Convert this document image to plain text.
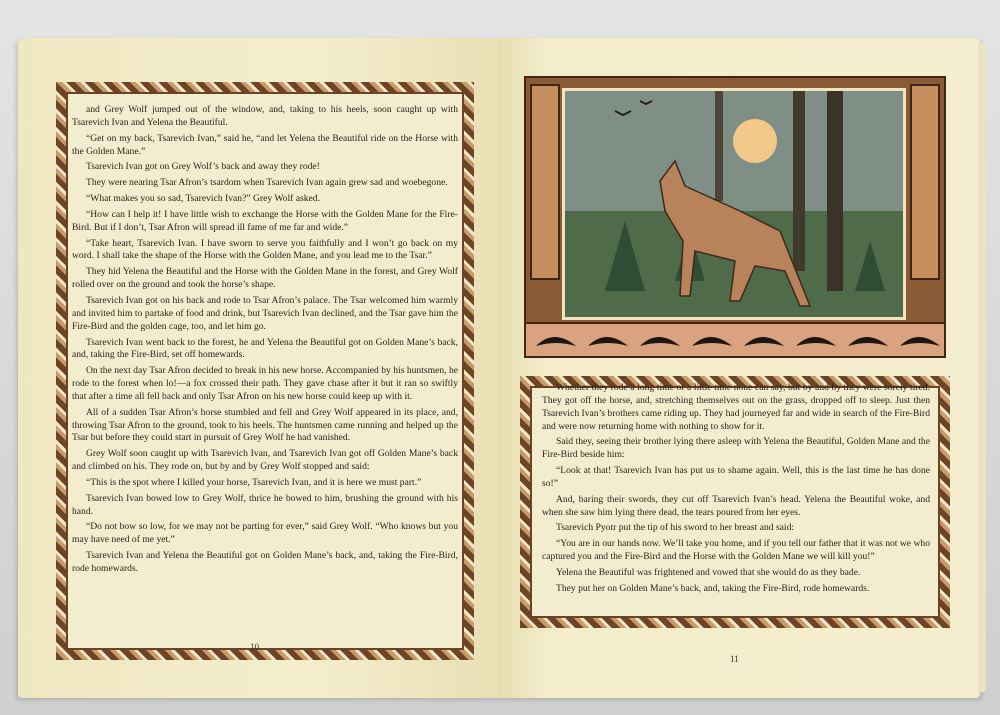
and Grey Wolf jumped out of the window, and, taking to his heels, soon caught up with Tsarevich Ivan and Yelena the Beautiful.

“Get on my back, Tsarevich Ivan,” said he, “and let Yelena the Beautiful ride on the Horse with the Golden Mane.”

Tsarevich Ivan got on Grey Wolf’s back and away they rode!

They were nearing Tsar Afron’s tsardom when Tsarevich Ivan again grew sad and woebegone.

“What makes you so sad, Tsarevich Ivan?” Grey Wolf asked.

“How can I help it! I have little wish to exchange the Horse with the Golden Mane for the Fire-Bird. But if I don’t, Tsar Afron will spread ill fame of me far and wide.”

“Take heart, Tsarevich Ivan. I have sworn to serve you faithfully and I won’t go back on my word. I shall take the shape of the Horse with the Golden Mane, and you lead me to the Tsar.”

They hid Yelena the Beautiful and the Horse with the Golden Mane in the forest, and Grey Wolf rolled over on the ground and took the horse’s shape.

Tsarevich Ivan got on his back and rode to Tsar Afron’s palace. The Tsar welcomed him warmly and invited him to partake of food and drink, but Tsarevich Ivan declined, and the Tsar gave him the Fire-Bird and the golden cage, too, and let him go.

Tsarevich Ivan went back to the forest, he and Yelena the Beautiful got on Golden Mane’s back, and, taking the Fire-Bird, set off homewards.

On the next day Tsar Afron decided to break in his new horse. Accompanied by his huntsmen, he rode to the forest when lo!—a fox crossed their path. They gave chase after it but it ran so swiftly that after a time all fell back and only Tsar Afron on his new horse could keep up with it.

All of a sudden Tsar Afron’s horse stumbled and fell and Grey Wolf appeared in its place, and, throwing Tsar Afron to the ground, took to his heels. The huntsmen came running and helped up the Tsar but before they could start in pursuit of Grey Wolf he had vanished.

Grey Wolf soon caught up with Tsarevich Ivan, and Tsarevich Ivan got off Golden Mane’s back and climbed on his. They rode on, but by and by Grey Wolf stopped and said:

“This is the spot where I killed your horse, Tsarevich Ivan, and it is here we must part.”

Tsarevich Ivan bowed low to Grey Wolf, thrice he bowed to him, brushing the ground with his hand.

“Do not bow so low, for we may not be parting for ever,” said Grey Wolf. “Who knows but you may have need of me yet.”

Tsarevich Ivan and Yelena the Beautiful got on Golden Mane’s back, and, taking the Fire-Bird, rode homewards.

10

Whether they rode a long time or a little time none can say, but by and by they were sorely tired. They got off the horse, and, stretching themselves out on the grass, dropped off to sleep. Just then Tsarevich Ivan’s brothers came riding up. They had journeyed far and wide in search of the Fire-Bird and were now returning home with nothing to show for it.

Said they, seeing their brother lying there asleep with Yelena the Beautiful, Golden Mane and the Fire-Bird beside him:

“Look at that! Tsarevich Ivan has put us to shame again. Well, this is the last time he has done so!”

And, baring their swords, they cut off Tsarevich Ivan’s head. Yelena the Beautiful woke, and when she saw him lying there dead, the tears poured from her eyes.

Tsarevich Pyotr put the tip of his sword to her breast and said:

“You are in our hands now. We’ll take you home, and if you tell our father that it was not we who captured you and the Fire-Bird and the Horse with the Golden Mane we will kill you!”

Yelena the Beautiful was frightened and vowed that she would do as they bade.

They put her on Golden Mane’s back, and, taking the Fire-Bird, rode homewards.

11
